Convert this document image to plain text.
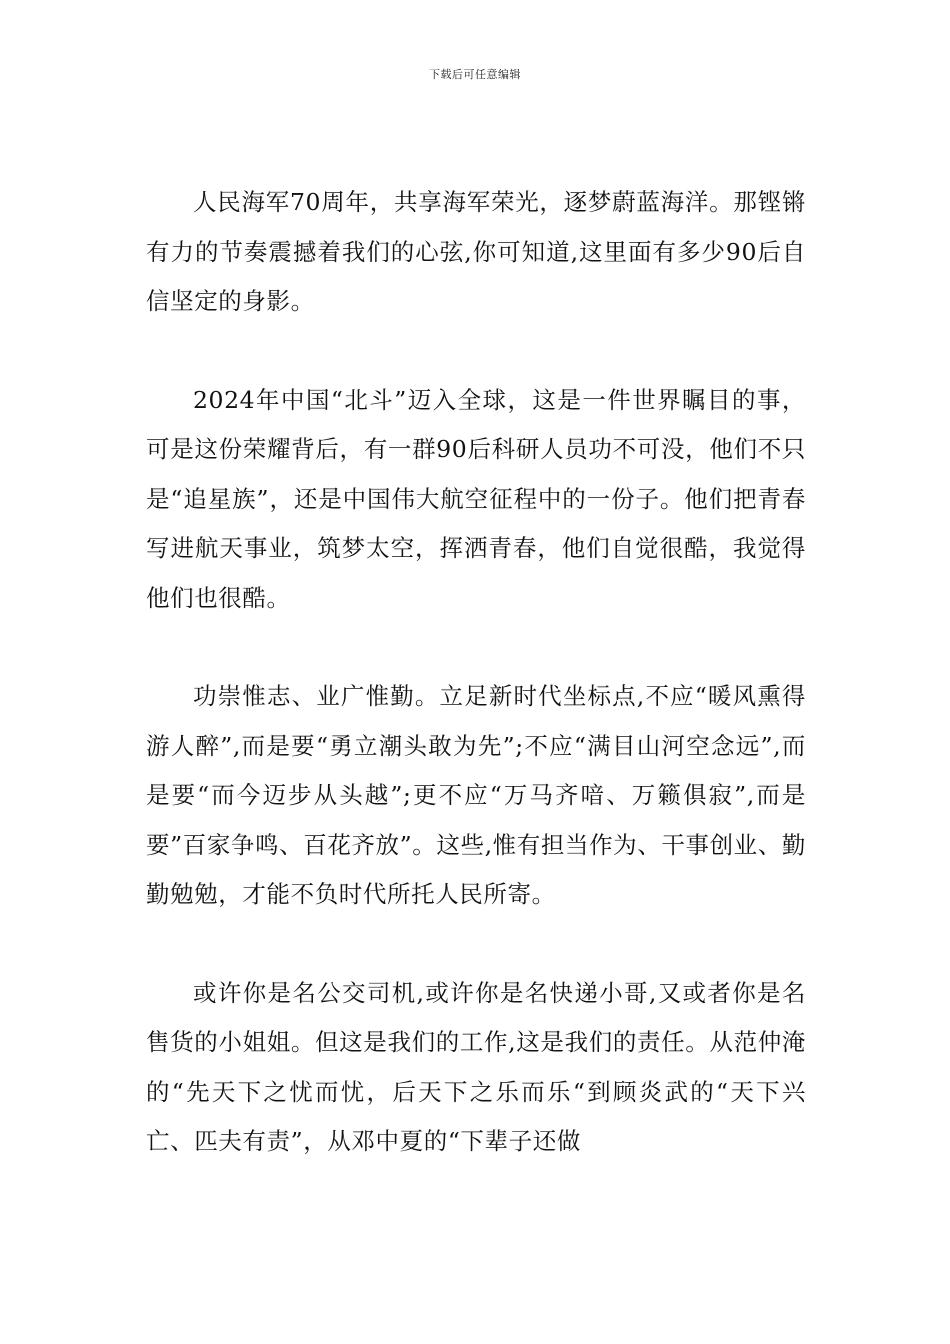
下载后可任意编辑

人民海军70周年，共享海军荣光，逐梦蔚蓝海洋。那铿锵有力的节奏震撼着我们的心弦,你可知道,这里面有多少90后自信坚定的身影。

2024年中国“北斗”迈入全球，这是一件世界瞩目的事，可是这份荣耀背后，有一群90后科研人员功不可没，他们不只是“追星族”，还是中国伟大航空征程中的一份子。他们把青春写进航天事业，筑梦太空，挥洒青春，他们自觉很酷，我觉得他们也很酷。

功崇惟志、业广惟勤。立足新时代坐标点,不应“暖风熏得游人醉”,而是要“勇立潮头敢为先”;不应“满目山河空念远”,而是要“而今迈步从头越”;更不应“万马齐喑、万籁俱寂”,而是要”百家争鸣、百花齐放”。这些,惟有担当作为、干事创业、勤勤勉勉，才能不负时代所托人民所寄。

或许你是名公交司机,或许你是名快递小哥,又或者你是名售货的小姐姐。但这是我们的工作,这是我们的责任。从范仲淹的“先天下之忧而忧，后天下之乐而乐“到顾炎武的“天下兴亡、匹夫有责”，从邓中夏的“下辈子还做
